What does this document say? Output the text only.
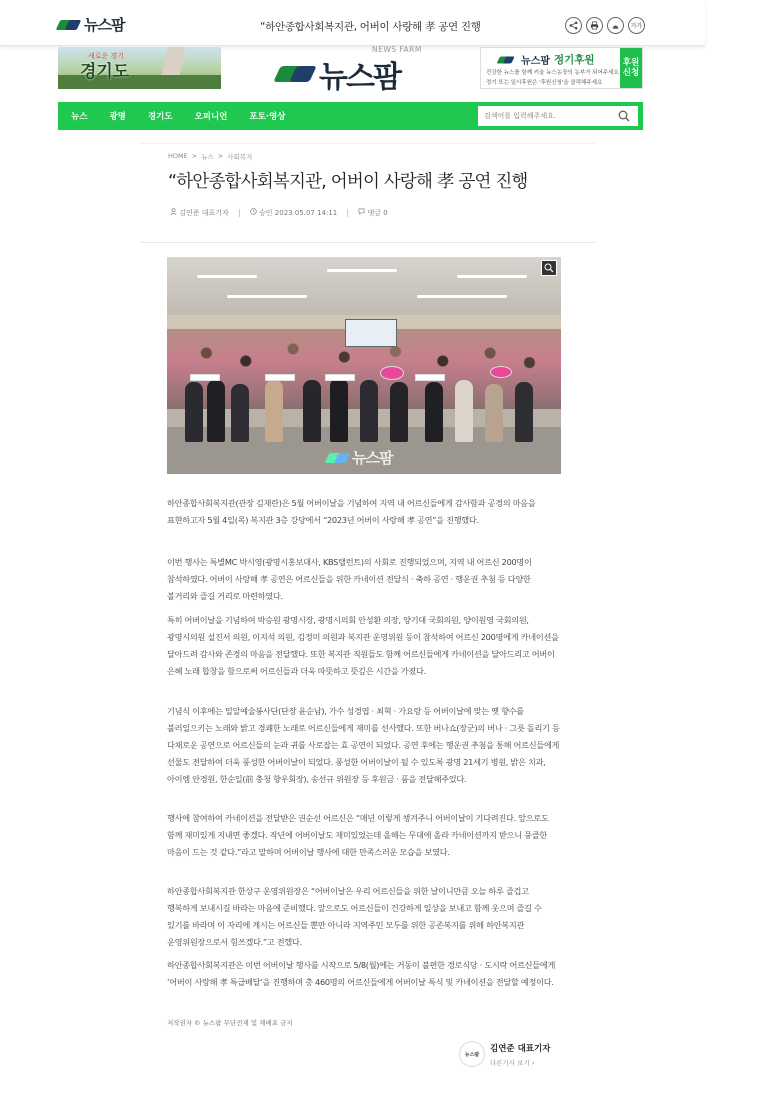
뉴스팜	“하안종합사회복지관, 어버이 사랑해 孝 공연 진행	가가
새로운 경기
경기도	뉴스팜
NEWS FARM
뉴스팜 정기후원
건강한 뉴스를 함께 키울 뉴스농장의 농부가 되어주세요
정기 또는 일시후원은 '후원신청'을 클릭해주세요
후원
신청
뉴스	광명	경기도	오피니언	포토·영상
검색어를 입력해주세요.
HOME > 뉴스 > 사회복지
“하안종합사회복지관, 어버이 사랑해 孝 공연 진행
김연준 대표기자	승인 2023.05.07 14:11	댓글 0
뉴스팜

하안종합사회복지관(관장 김재란)은 5월 어버이날을 기념하여 지역 내 어르신들에게 감사함과 공경의 마음을 표현하고자 5월 4일(목) 복지관 3층 강당에서 “2023년 어버이 사랑해 孝 공연”을 진행했다.

이번 행사는 특별MC 박시영(광명시홍보대사, KBS탤런트)의 사회로 진행되었으며, 지역 내 어르신 200명이 참석하였다. 어버이 사랑해 孝 공연은 어르신들을 위한 카네이션 전달식 · 축하 공연 · 행운권 추첨 등 다양한 볼거리와 즐길 거리로 마련하였다.

특히 어버이날을 기념하여 박승원 광명시장, 광명시의회 안성환 의장, 양기대 국회의원, 양이원영 국회의원, 광명시의원 설진서 의원, 이지석 의원, 김정미 의원과 복지관 운영위원 등이 참석하여 어르신 200명에게 카네이션을 달아드려 감사와 존경의 마음을 전달했다. 또한 복지관 직원들도 함께 어르신들에게 카네이션을 달아드리고 어버이 은혜 노래 합창을 함으로써 어르신들과 더욱 따뜻하고 뜻깊은 시간을 가졌다.

기념식 이후에는 밀알예술봉사단(단장 윤순남), 가수 성경엽 · 최혁 · 가요랑 등 어버이날에 맞는 옛 향수를 불러일으키는 노래와 밝고 경쾌한 노래로 어르신들에게 재미를 선사했다. 또한 버나쇼(장군)의 버나 · 그릇 돌리기 등 다채로운 공연으로 어르신들의 눈과 귀를 사로잡는 효 공연이 되었다. 공연 후에는 행운권 추첨을 통해 어르신들에게 선물도 전달하여 더욱 풍성한 어버이날이 되었다. 풍성한 어버이날이 될 수 있도록 광명 21세기 병원, 밝은 치과, 아이엠 안경원, 한순일(前 충청 향우회장), 송선규 위원장 등 후원금 · 품을 전달해주었다.

행사에 참여하여 카네이션을 전달받은 권순선 어르신은 “매년 이렇게 챙겨주니 어버이날이 기다려진다. 앞으로도 함께 재미있게 지내면 좋겠다. 작년에 어버이날도 재미있었는데 올해는 무대에 올라 카네이션까지 받으니 뭉클한 마음이 드는 것 같다.”라고 말하며 어버이날 행사에 대한 만족스러운 모습을 보였다.

하안종합사회복지관 한상구 운영위원장은 “어버이날은 우리 어르신들을 위한 날이니만큼 오늘 하루 즐겁고 행복하게 보내시길 바라는 마음에 준비했다. 앞으로도 어르신들이 건강하게 일상을 보내고 함께 웃으며 즐길 수 있기를 바라며 이 자리에 계시는 어르신들 뿐만 아니라 지역주민 모두를 위한 공존복지를 위해 하안복지관 운영위원장으로서 힘쓰겠다.”고 전했다.

하안종합사회복지관은 이번 어버이날 행사를 시작으로 5/8(월)에는 거동이 불편한 경로식당 · 도시락 어르신들에게 ‘어버이 사랑해 孝 특급배달’을 진행하며 총 460명의 어르신들에게 어버이날 특식 및 카네이션을 전달할 예정이다.

저작권자 © 뉴스팜 무단전재 및 재배포 금지
뉴스팜
김연준 대표기자
다른기사 보기 ›
